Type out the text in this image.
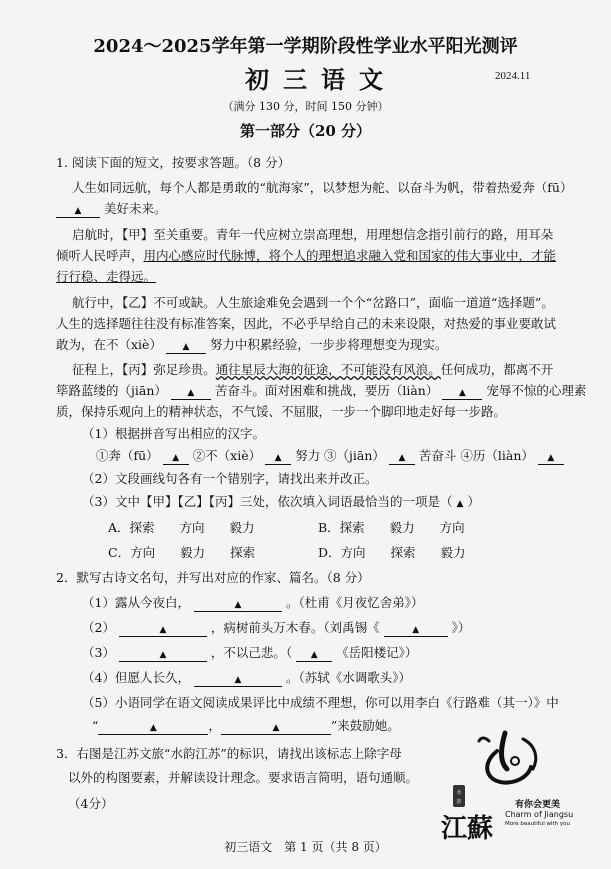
2024～2025学年第一学期阶段性学业水平阳光测评
初三语文	2024.11
（满分 130 分，时间 150 分钟）
第一部分（20 分）
1. 阅读下面的短文，按要求答题。（8 分）
人生如同远航，每个人都是勇敢的“航海家”，以梦想为舵、以奋斗为帆，带着热爱奔（fū）
▲ 美好未来。
启航时，【甲】至关重要。青年一代应树立崇高理想，用理想信念指引前行的路，用耳朵
倾听人民呼声，用内心感应时代脉博，将个人的理想追求融入党和国家的伟大事业中，才能
行行稳、走得远。
航行中，【乙】不可或缺。人生旅途难免会遇到一个个“岔路口”，面临一道道“选择题”。
人生的选择题往往没有标准答案，因此，不必乎早给自己的未来设限，对热爱的事业要敢试
敢为，在不（xiè） ▲ 努力中积累经验，一步步将理想变为现实。
征程上，【丙】弥足珍贵。通往星辰大海的征途，不可能没有风浪。任何成功，都离不开
筚路蓝缕的（jiān） ▲ 苦奋斗。面对困难和挑战，要历（liàn） ▲ 宠辱不惊的心理素
质，保持乐观向上的精神状态，不气馁、不屈服，一步一个脚印地走好每一步路。
（1）根据拼音写出相应的汉字。
①奔（fū） ▲ ②不（xiè） ▲ 努力 ③（jiān） ▲ 苦奋斗 ④历（liàn） ▲
（2）文段画线句各有一个错别字，请找出来并改正。
（3）文中【甲】【乙】【丙】三处，依次填入词语最恰当的一项是（ ▲ ）
A．探索　　方向　　毅力	B．探索　　毅力　　方向
C．方向　　毅力　　探索	D．方向　　探索　　毅力
2．默写古诗文名句，并写出对应的作家、篇名。（8 分）
（1）露从今夜白，	▲	。（杜甫《月夜忆舍弟》）
（2）	▲	，病树前头万木春。（刘禹锡《	▲	》）
（3）	▲	，不以己悲。（ ▲ 《岳阳楼记》）
（4）但愿人长久，	▲	。（苏轼《水调歌头》）
（5）小语同学在语文阅读成果评比中成绩不理想，你可以用李白《行路难（其一）》中
“	▲	，	▲	”来鼓励她。
3．右图是江苏文旅“水韵江苏”的标识，请找出该标志上除字母
以外的构图要素，并解读设计理念。要求语言简明，语句通顺。
（4分）
水
韵
江蘇
有你会更美
Charm of Jiangsu
More beautiful with you
初三语文　第 1 页（共 8 页）
